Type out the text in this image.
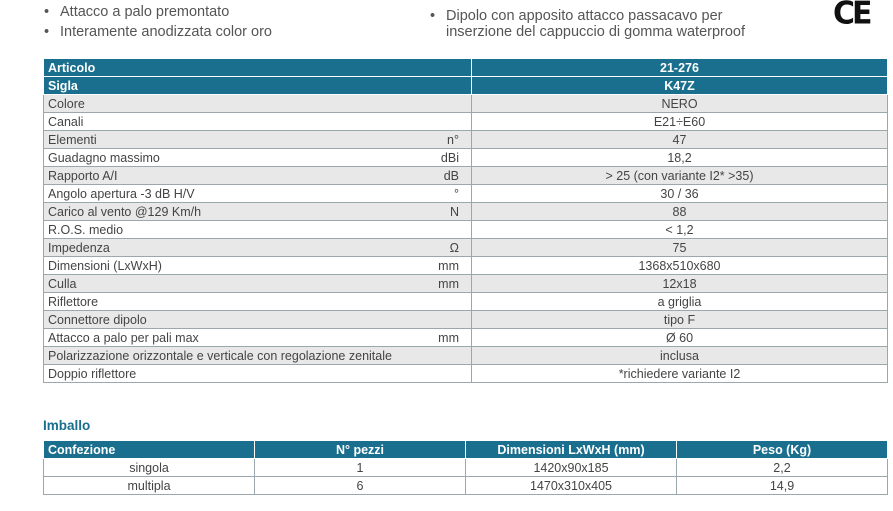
• Attacco a palo premontato
• Interamente anodizzata color oro
• Dipolo con apposito attacco passacavo per
inserzione del cappuccio di gomma waterproof
CE
Articolo		21-276
Sigla		K47Z
Colore		NERO
Canali		E21÷E60
Elementi	n°	47
Guadagno massimo	dBi	18,2
Rapporto A/I	dB	> 25 (con variante I2* >35)
Angolo apertura -3 dB H/V	°	30 / 36
Carico al vento @129 Km/h	N	88
R.O.S. medio		< 1,2
Impedenza	Ω	75
Dimensioni (LxWxH)	mm	1368x510x680
Culla	mm	12x18
Riflettore		a griglia
Connettore dipolo		tipo F
Attacco a palo per pali max	mm	Ø 60
Polarizzazione orizzontale e verticale con regolazione zenitale		inclusa
Doppio riflettore		*richiedere variante I2
Imballo
Confezione	N° pezzi	Dimensioni LxWxH (mm)	Peso (Kg)
singola	1	1420x90x185	2,2
multipla	6	1470x310x405	14,9
